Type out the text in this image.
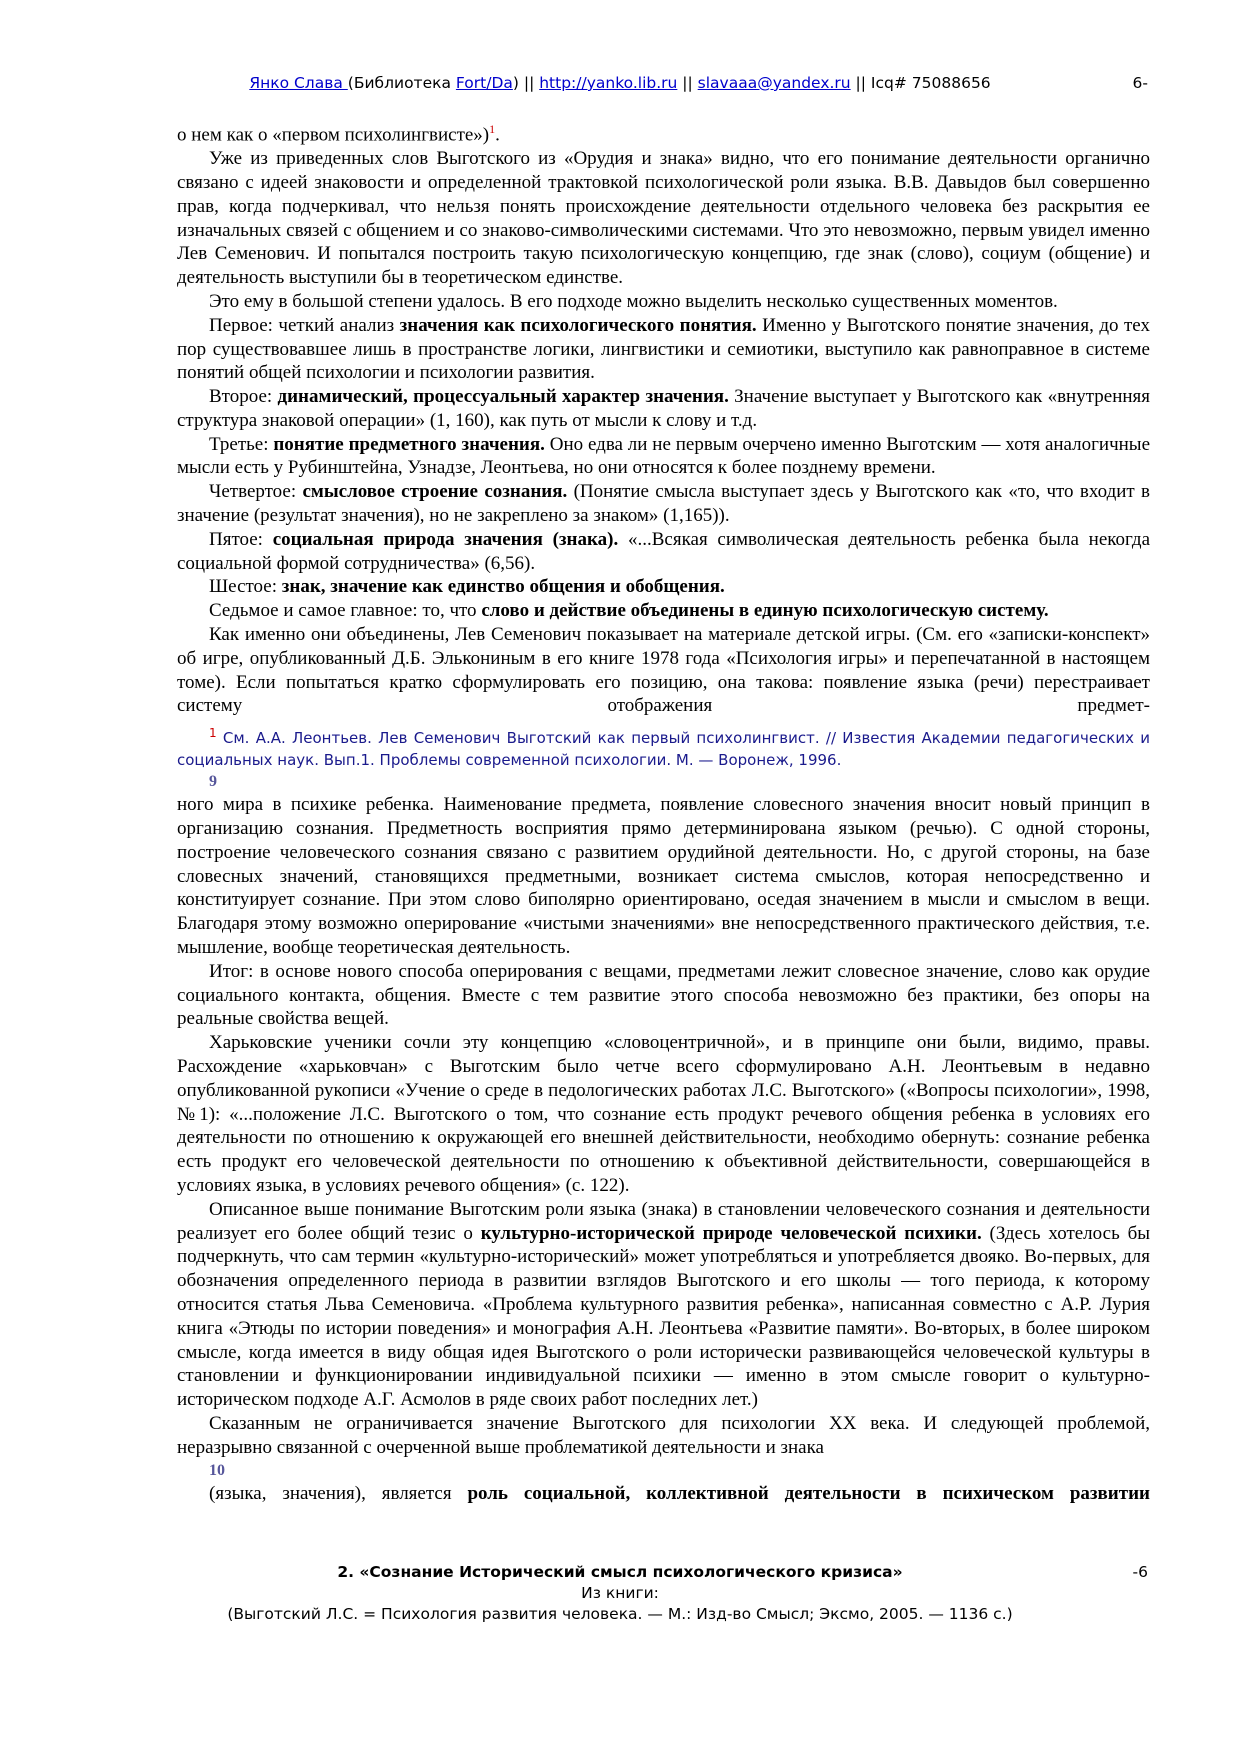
Янко Слава (Библиотека Fort/Da) || http://yanko.lib.ru || slavaaa@yandex.ru || Icq# 75088656	6-

о нем как о «первом психолингвисте»)$^1$.

Уже из приведенных слов Выготского из «Орудия и знака» видно, что его понимание деятельности органично связано с идеей знаковости и определенной трактовкой психологической роли языка. В.В. Давыдов был совершенно прав, когда подчеркивал, что нельзя понять происхождение деятельности отдельного человека без раскрытия ее изначальных связей с общением и со знаково-символическими системами. Что это невозможно, первым увидел именно Лев Семенович. И попытался построить такую психологическую концепцию, где знак (слово), социум (общение) и деятельность выступили бы в теоретическом единстве.

Это ему в большой степени удалось. В его подходе можно выделить несколько существенных моментов.

Первое: четкий анализ значения как психологического понятия. Именно у Выготского понятие значения, до тех пор существовавшее лишь в пространстве логики, лингвистики и семиотики, выступило как равноправное в системе понятий общей психологии и психологии развития.

Второе: динамический, процессуальный характер значения. Значение выступает у Выготского как «внутренняя структура знаковой операции» (1, 160), как путь от мысли к слову и т.д.

Третье: понятие предметного значения. Оно едва ли не первым очерчено именно Выготским — хотя аналогичные мысли есть у Рубинштейна, Узнадзе, Леонтьева, но они относятся к более позднему времени.

Четвертое: смысловое строение сознания. (Понятие смысла выступает здесь у Выготского как «то, что входит в значение (результат значения), но не закреплено за знаком» (1,165)).

Пятое: социальная природа значения (знака). «...Всякая символическая деятельность ребенка была некогда социальной формой сотрудничества» (6,56).

Шестое: знак, значение как единство общения и обобщения.

Седьмое и самое главное: то, что слово и действие объединены в единую психологическую систему.

Как именно они объединены, Лев Семенович показывает на материале детской игры. (См. его «записки-конспект» об игре, опубликованный Д.Б. Элькониным в его книге 1978 года «Психология игры» и перепечатанной в настоящем томе). Если попытаться кратко сформулировать его позицию, она такова: появление языка (речи) перестраивает систему отображения предмет-

$^1$ См. А.А. Леонтьев. Лев Семенович Выготский как первый психолингвист. // Известия Академии педагогических и социальных наук. Вып.1. Проблемы современной психологии. М. — Воронеж, 1996.

9

ного мира в психике ребенка. Наименование предмета, появление словесного значения вносит новый принцип в организацию сознания. Предметность восприятия прямо детерминирована языком (речью). С одной стороны, построение человеческого сознания связано с развитием орудийной деятельности. Но, с другой стороны, на базе словесных значений, становящихся предметными, возникает система смыслов, которая непосредственно и конституирует сознание. При этом слово биполярно ориентировано, оседая значением в мысли и смыслом в вещи. Благодаря этому возможно оперирование «чистыми значениями» вне непосредственного практического действия, т.е. мышление, вообще теоретическая деятельность.

Итог: в основе нового способа оперирования с вещами, предметами лежит словесное значение, слово как орудие социального контакта, общения. Вместе с тем развитие этого способа невозможно без практики, без опоры на реальные свойства вещей.

Харьковские ученики сочли эту концепцию «словоцентричной», и в принципе они были, видимо, правы. Расхождение «харьковчан» с Выготским было четче всего сформулировано А.Н. Леонтьевым в недавно опубликованной рукописи «Учение о среде в педологических работах Л.С. Выготского» («Вопросы психологии», 1998, №1): «...положение Л.С. Выготского о том, что сознание есть продукт речевого общения ребенка в условиях его деятельности по отношению к окружающей его внешней действительности, необходимо обернуть: сознание ребенка есть продукт его человеческой деятельности по отношению к объективной действительности, совершающейся в условиях языка, в условиях речевого общения» (с. 122).

Описанное выше понимание Выготским роли языка (знака) в становлении человеческого сознания и деятельности реализует его более общий тезис о культурно-исторической природе человеческой психики. (Здесь хотелось бы подчеркнуть, что сам термин «культурно-исторический» может употребляться и употребляется двояко. Во-первых, для обозначения определенного периода в развитии взглядов Выготского и его школы — того периода, к которому относится статья Льва Семеновича. «Проблема культурного развития ребенка», написанная совместно с А.Р. Лурия книга «Этюды по истории поведения» и монография А.Н. Леонтьева «Развитие памяти». Во-вторых, в более широком смысле, когда имеется в виду общая идея Выготского о роли исторически развивающейся человеческой культуры в становлении и функционировании индивидуальной психики — именно в этом смысле говорит о культурно-историческом подходе А.Г. Асмолов в ряде своих работ последних лет.)

Сказанным не ограничивается значение Выготского для психологии XX века. И следующей проблемой, неразрывно связанной с очерченной выше проблематикой деятельности и знака

10

(языка, значения), является роль социальной, коллективной деятельности в психическом развитии

2. «Сознание Исторический смысл психологического кризиса»	-6
Из книги:
(Выготский Л.С. = Психология развития человека. — М.: Изд-во Смысл; Эксмо, 2005. — 1136 с.)
